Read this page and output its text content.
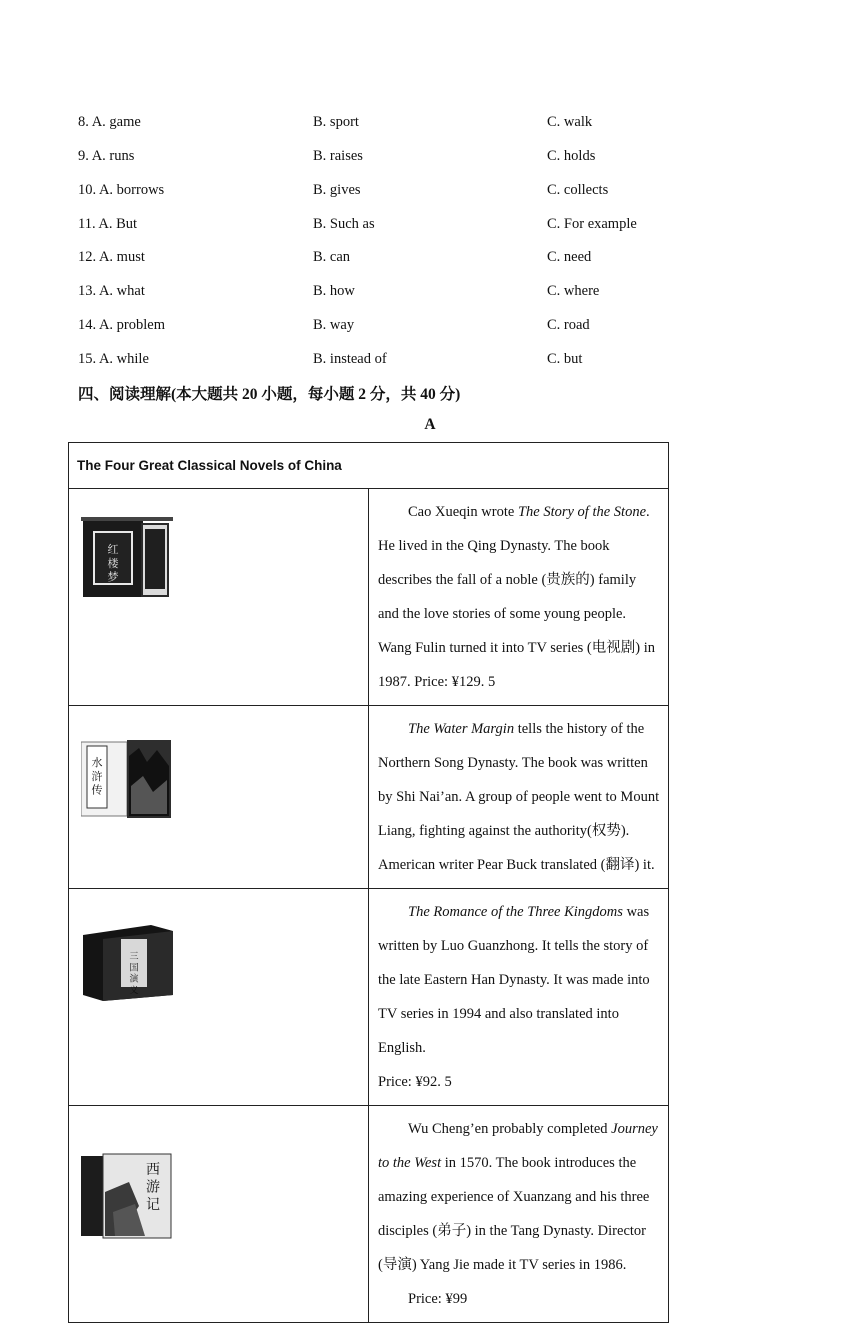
8. A. game	B. sport	C. walk
9. A. runs	B. raises	C. holds
10. A. borrows	B. gives	C. collects
11. A. But	B. Such as	C. For example
12. A. must	B. can	C. need
13. A. what	B. how	C. where
14. A. problem	B. way	C. road
15. A. while	B. instead of	C. but
四、阅读理解(本大题共 20 小题，每小题 2 分，共 40 分)
A
The Four Great Classical Novels of China	

红楼梦	Cao Xueqin wrote The Story of the Stone. He lived in the Qing Dynasty. The book describes the fall of a noble (贵族的) family and the love stories of some young people. Wang Fulin turned it into TV series (电视剧) in 1987. Price: ¥129. 5

水浒传	The Water Margin tells the history of the Northern Song Dynasty. The book was written by Shi Nai’an. A group of people went to Mount Liang, fighting against the authority(权势). American writer Pear Buck translated (翻译) it.

三国演义	The Romance of the Three Kingdoms was written by Luo Guanzhong. It tells the story of the late Eastern Han Dynasty. It was made into TV series in 1994 and also translated into English.
Price: ¥92. 5

西游记	Wu Cheng’en probably completed Journey to the West in 1570. The book introduces the amazing experience of Xuanzang and his three disciples (弟子) in the Tang Dynasty. Director (导演) Yang Jie made it TV series in 1986.
Price: ¥99
